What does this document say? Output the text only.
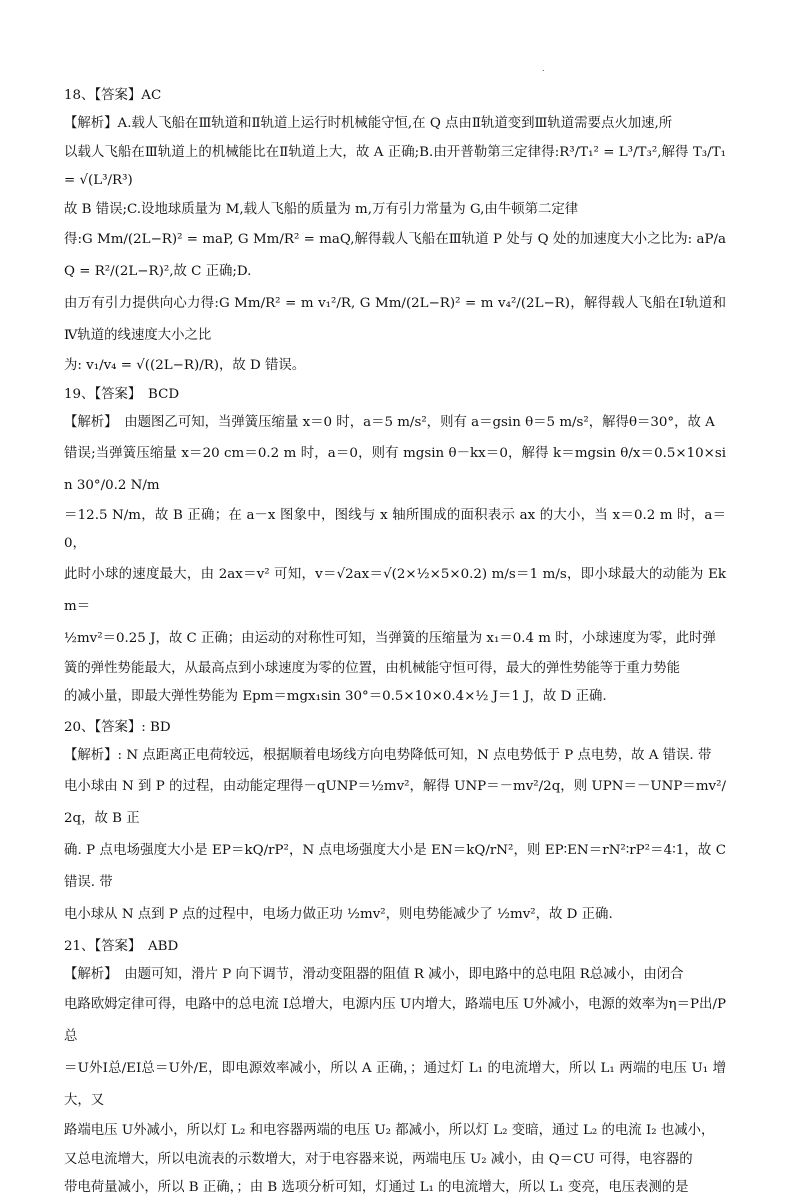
.

18、【答案】AC

【解析】A.载人飞船在Ⅲ轨道和Ⅱ轨道上运行时机械能守恒,在 Q 点由Ⅱ轨道变到Ⅲ轨道需要点火加速,所

以载人飞船在Ⅲ轨道上的机械能比在Ⅱ轨道上大，故 A 正确;B.由开普勒第三定律得:R³/T₁² = L³/T₃²,解得 T₃/T₁ = √(L³/R³)

故 B 错误;C.设地球质量为 M,载人飞船的质量为 m,万有引力常量为 G,由牛顿第二定律

得:G Mm/(2L−R)² = maP, G Mm/R² = maQ,解得载人飞船在Ⅲ轨道 P 处与 Q 处的加速度大小之比为: aP/aQ = R²/(2L−R)²,故 C 正确;D.

由万有引力提供向心力得:G Mm/R² = m v₁²/R, G Mm/(2L−R)² = m v₄²/(2L−R)，解得载人飞船在Ⅰ轨道和Ⅳ轨道的线速度大小之比

为: v₁/v₄ = √((2L−R)/R)，故 D 错误。

19、【答案】　BCD

【解析】　由题图乙可知，当弹簧压缩量 x＝0 时，a＝5 m/s²，则有 a＝gsin θ＝5 m/s²，解得θ＝30°，故 A

错误;当弹簧压缩量 x＝20 cm＝0.2 m 时，a＝0，则有 mgsin θ－kx＝0，解得 k＝mgsin θ/x＝0.5×10×sin 30°/0.2 N/m

＝12.5 N/m，故 B 正确；在 a－x 图象中，图线与 x 轴所围成的面积表示 ax 的大小，当 x＝0.2 m 时，a＝0，

此时小球的速度最大，由 2ax＝v² 可知，v＝√2ax＝√(2×½×5×0.2) m/s＝1 m/s，即小球最大的动能为 Ekm＝

½mv²＝0.25 J，故 C 正确；由运动的对称性可知，当弹簧的压缩量为 x₁＝0.4 m 时，小球速度为零，此时弹

簧的弹性势能最大，从最高点到小球速度为零的位置，由机械能守恒可得，最大的弹性势能等于重力势能

的减小量，即最大弹性势能为 Epm＝mgx₁sin 30°＝0.5×10×0.4×½ J＝1 J，故 D 正确.

20、【答案】: BD

【解析】: N 点距离正电荷较远，根据顺着电场线方向电势降低可知，N 点电势低于 P 点电势，故 A 错误. 带

电小球由 N 到 P 的过程，由动能定理得－qUNP＝½mv²，解得 UNP＝－mv²/2q，则 UPN＝－UNP＝mv²/2q，故 B 正

确. P 点电场强度大小是 EP＝kQ/rP²，N 点电场强度大小是 EN＝kQ/rN²，则 EP∶EN＝rN²∶rP²＝4∶1，故 C 错误. 带

电小球从 N 点到 P 点的过程中，电场力做正功 ½mv²，则电势能减少了 ½mv²，故 D 正确.

21、【答案】　ABD

【解析】　由题可知，滑片 P 向下调节，滑动变阻器的阻值 R 减小，即电路中的总电阻 R总减小，由闭合

电路欧姆定律可得，电路中的总电流 I总增大，电源内压 U内增大，路端电压 U外减小，电源的效率为η＝P出/P总

＝U外I总/EI总＝U外/E，即电源效率减小，所以 A 正确，；通过灯 L₁ 的电流增大，所以 L₁ 两端的电压 U₁ 增大，又

路端电压 U外减小，所以灯 L₂ 和电容器两端的电压 U₂ 都减小，所以灯 L₂ 变暗，通过 L₂ 的电流 I₂ 也减小，

又总电流增大，所以电流表的示数增大，对于电容器来说，两端电压 U₂ 减小，由 Q＝CU 可得，电容器的

带电荷量减小，所以 B 正确，；由 B 选项分析可知，灯通过 L₁ 的电流增大，所以 L₁ 变亮，电压表测的是
